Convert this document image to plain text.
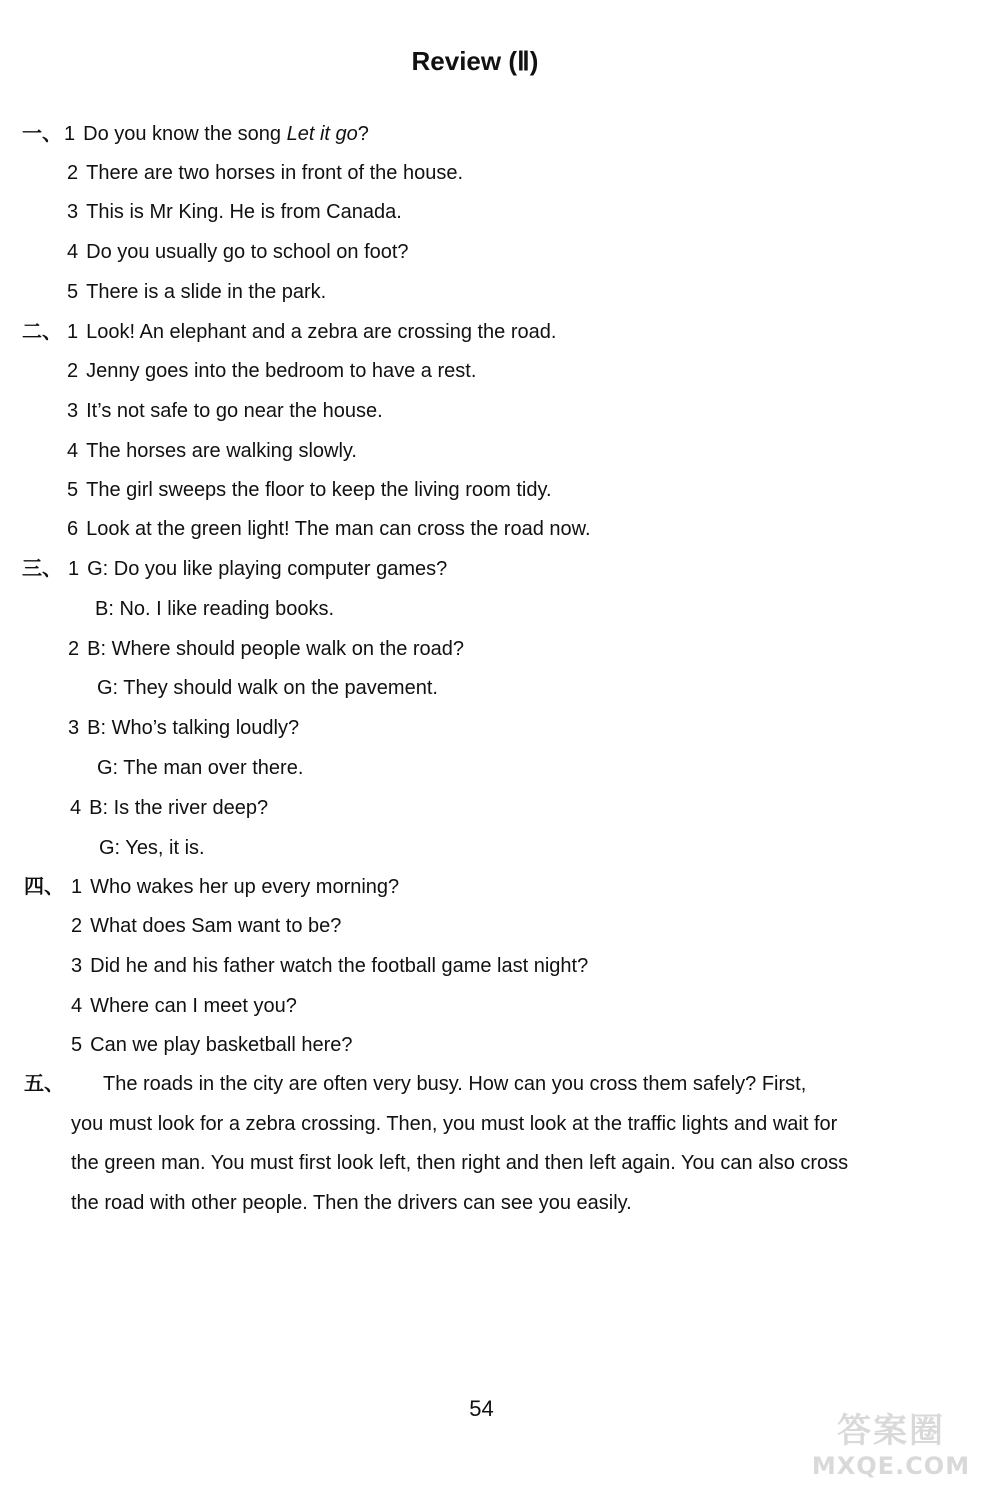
Review (Ⅱ)
一、 1 Do you know the song Let it go?
2 There are two horses in front of the house.
3 This is Mr King. He is from Canada.
4 Do you usually go to school on foot?
5 There is a slide in the park.
二、 1 Look! An elephant and a zebra are crossing the road.
2 Jenny goes into the bedroom to have a rest.
3 It’s not safe to go near the house.
4 The horses are walking slowly.
5 The girl sweeps the floor to keep the living room tidy.
6 Look at the green light! The man can cross the road now.
三、 1 G: Do you like playing computer games?
B: No. I like reading books.
2 B: Where should people walk on the road?
G: They should walk on the pavement.
3 B: Who’s talking loudly?
G: The man over there.
4 B: Is the river deep?
G: Yes, it is.
四、 1 Who wakes her up every morning?
2 What does Sam want to be?
3 Did he and his father watch the football game last night?
4 Where can I meet you?
5 Can we play basketball here?
五、 The roads in the city are often very busy. How can you cross them safely? First,
you must look for a zebra crossing. Then, you must look at the traffic lights and wait for
the green man. You must first look left, then right and then left again. You can also cross
the road with other people. Then the drivers can see you easily.
54
答案圈
MXQE.COM
